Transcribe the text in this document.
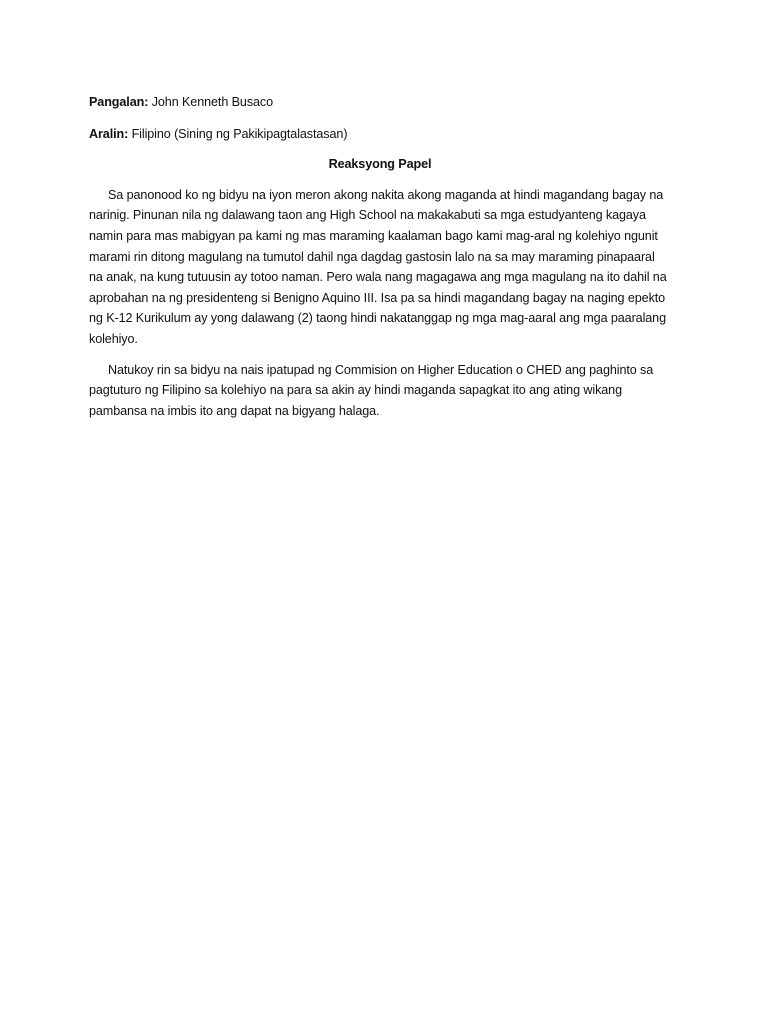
Pangalan: John Kenneth Busaco

Aralin: Filipino (Sining ng Pakikipagtalastasan)

Reaksyong Papel

Sa panonood ko ng bidyu na iyon meron akong nakita akong maganda at hindi magandang bagay na narinig. Pinunan nila ng dalawang taon ang High School na makakabuti sa mga estudyanteng kagaya namin para mas mabigyan pa kami ng mas maraming kaalaman bago kami mag-aral ng kolehiyo ngunit marami rin ditong magulang na tumutol dahil nga dagdag gastosin lalo na sa may maraming pinapaaral na anak, na kung tutuusin ay totoo naman. Pero wala nang magagawa ang mga magulang na ito dahil na aprobahan na ng presidenteng si Benigno Aquino III. Isa pa sa hindi magandang bagay na naging epekto ng K-12 Kurikulum ay yong dalawang (2) taong hindi nakatanggap ng mga mag-aaral ang mga paaralang kolehiyo.

Natukoy rin sa bidyu na nais ipatupad ng Commision on Higher Education o CHED ang paghinto sa pagtuturo ng Filipino sa kolehiyo na para sa akin ay hindi maganda sapagkat ito ang ating wikang pambansa na imbis ito ang dapat na bigyang halaga.
